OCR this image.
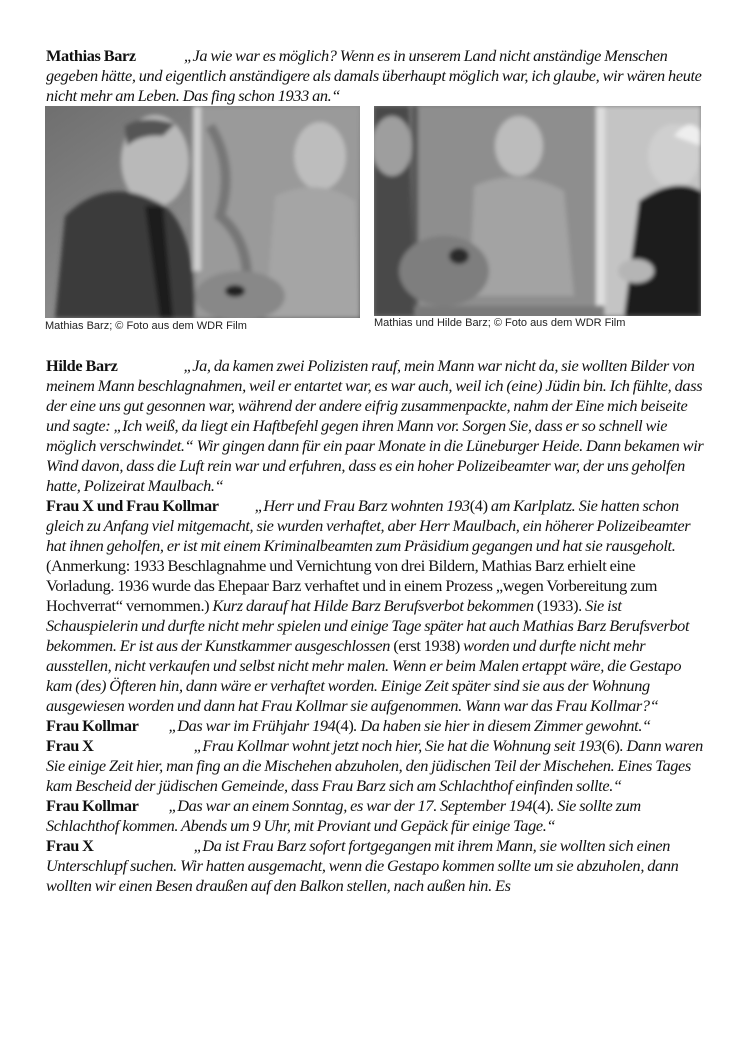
Mathias Barz	„Ja wie war es möglich? Wenn es in unserem Land nicht anständige Menschen gegeben hätte, und eigentlich anständigere als damals überhaupt möglich war, ich glaube, wir wären heute nicht mehr am Leben. Das fing schon 1933 an.“

Mathias Barz; © Foto aus dem WDR Film	Mathias und Hilde Barz; © Foto aus dem WDR Film

Hilde Barz	„Ja, da kamen zwei Polizisten rauf, mein Mann war nicht da, sie wollten Bilder von meinem Mann beschlagnahmen, weil er entartet war, es war auch, weil ich (eine) Jüdin bin. Ich fühlte, dass der eine uns gut gesonnen war, während der andere eifrig zusammenpackte, nahm der Eine mich beiseite und sagte: „Ich weiß, da liegt ein Haftbefehl gegen ihren Mann vor. Sorgen Sie, dass er so schnell wie möglich verschwindet.“ Wir gingen dann für ein paar Monate in die Lüneburger Heide. Dann bekamen wir Wind davon, dass die Luft rein war und erfuhren, dass es ein hoher Polizeibeamter war, der uns geholfen hatte, Polizeirat Maulbach.“

Frau X und Frau Kollmar „Herr und Frau Barz wohnten 193(4) am Karlplatz. Sie hatten schon gleich zu Anfang viel mitgemacht, sie wurden verhaftet, aber Herr Maulbach, ein höherer Polizeibeamter hat ihnen geholfen, er ist mit einem Kriminalbeamten zum Präsidium gegangen und hat sie rausgeholt. (Anmerkung: 1933 Beschlagnahme und Vernichtung von drei Bildern, Mathias Barz erhielt eine Vorladung. 1936 wurde das Ehepaar Barz verhaftet und in einem Prozess „wegen Vorbereitung zum Hochverrat“ vernommen.) Kurz darauf hat Hilde Barz Berufsverbot bekommen (1933). Sie ist Schauspielerin und durfte nicht mehr spielen und einige Tage später hat auch Mathias Barz Berufsverbot bekommen. Er ist aus der Kunstkammer ausgeschlossen (erst 1938) worden und durfte nicht mehr ausstellen, nicht verkaufen und selbst nicht mehr malen. Wenn er beim Malen ertappt wäre, die Gestapo kam (des) Öfteren hin, dann wäre er verhaftet worden. Einige Zeit später sind sie aus der Wohnung ausgewiesen worden und dann hat Frau Kollmar sie aufgenommen. Wann war das Frau Kollmar?“

Frau Kollmar „Das war im Frühjahr 194(4). Da haben sie hier in diesem Zimmer gewohnt.“

Frau X	„Frau Kollmar wohnt jetzt noch hier, Sie hat die Wohnung seit 193(6). Dann waren Sie einige Zeit hier, man fing an die Mischehen abzuholen, den jüdischen Teil der Mischehen. Eines Tages kam Bescheid der jüdischen Gemeinde, dass Frau Barz sich am Schlachthof einfinden sollte.“

Frau Kollmar „Das war an einem Sonntag, es war der 17. September 194(4). Sie sollte zum Schlachthof kommen. Abends um 9 Uhr, mit Proviant und Gepäck für einige Tage.“

Frau X	„Da ist Frau Barz sofort fortgegangen mit ihrem Mann, sie wollten sich einen Unterschlupf suchen. Wir hatten ausgemacht, wenn die Gestapo kommen sollte um sie abzuholen, dann wollten wir einen Besen draußen auf den Balkon stellen, nach außen hin. Es
